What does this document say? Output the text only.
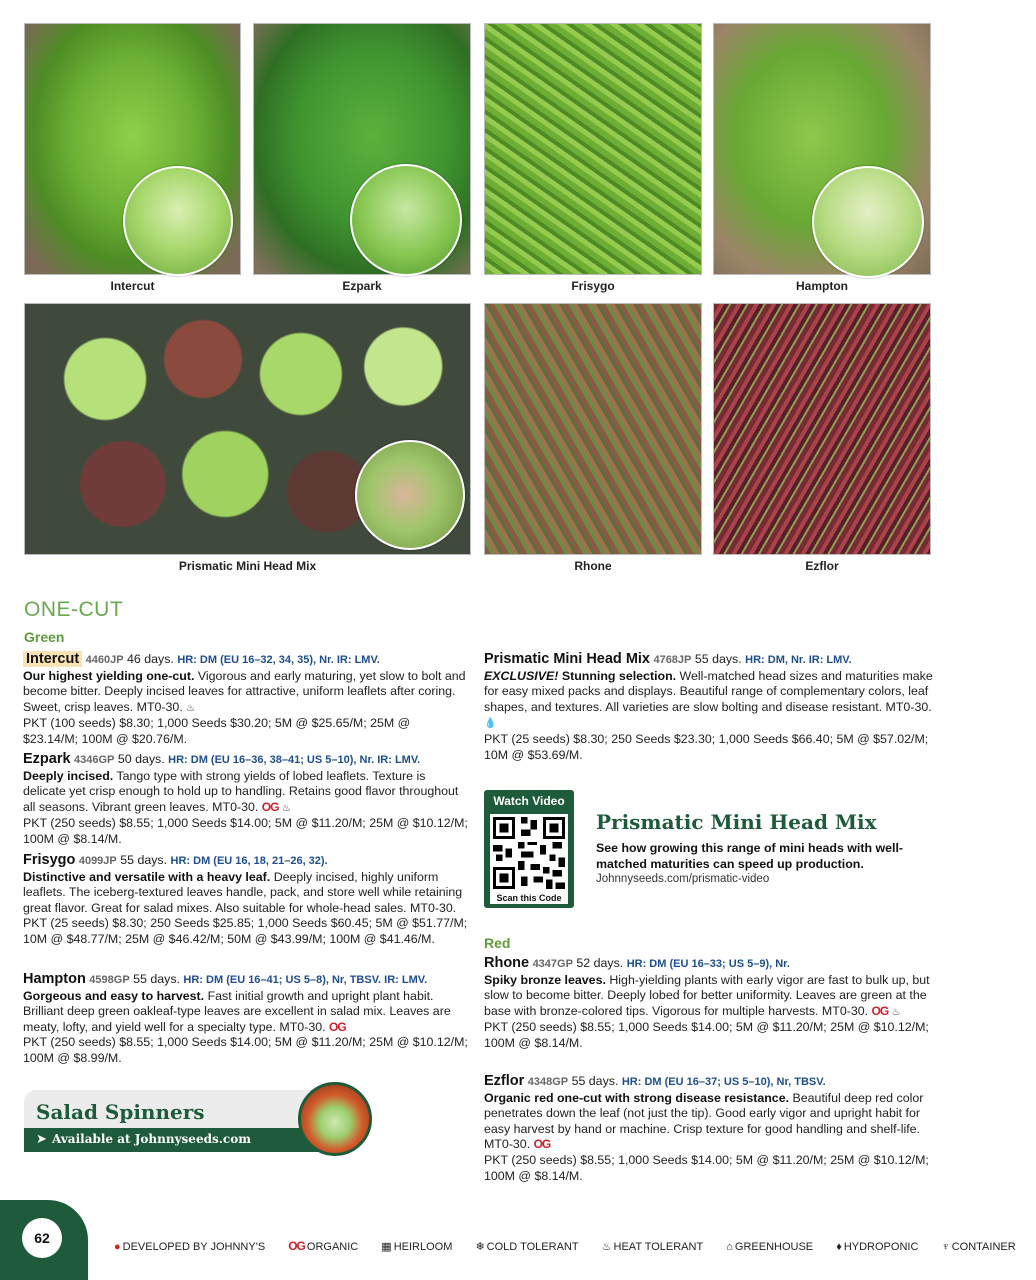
Intercut	Ezpark	Frisygo	Hampton
Prismatic Mini Head Mix	Rhone	Ezflor
ONE-CUT
Green
Red
Intercut 4460JP 46 days. HR: DM (EU 16–32, 34, 35), Nr. IR: LMV.
Our highest yielding one-cut. Vigorous and early maturing, yet slow to bolt and become bitter. Deeply incised leaves for attractive, uniform leaflets after coring. Sweet, crisp leaves. MT0-30. ♨
PKT (100 seeds) $8.30; 1,000 Seeds $30.20; 5M @ $25.65/M; 25M @ $23.14/M; 100M @ $20.76/M.
Ezpark 4346GP 50 days. HR: DM (EU 16–36, 38–41; US 5–10), Nr. IR: LMV.
Deeply incised. Tango type with strong yields of lobed leaflets. Texture is delicate yet crisp enough to hold up to handling. Retains good flavor throughout all seasons. Vibrant green leaves. MT0-30. OG ♨
PKT (250 seeds) $8.55; 1,000 Seeds $14.00; 5M @ $11.20/M; 25M @ $10.12/M; 100M @ $8.14/M.
Frisygo 4099JP 55 days. HR: DM (EU 16, 18, 21–26, 32).
Distinctive and versatile with a heavy leaf. Deeply incised, highly uniform leaflets. The iceberg-textured leaves handle, pack, and store well while retaining great flavor. Great for salad mixes. Also suitable for whole-head sales. MT0-30.
PKT (25 seeds) $8.30; 250 Seeds $25.85; 1,000 Seeds $60.45; 5M @ $51.77/M; 10M @ $48.77/M; 25M @ $46.42/M; 50M @ $43.99/M; 100M @ $41.46/M.
Hampton 4598GP 55 days. HR: DM (EU 16–41; US 5–8), Nr, TBSV. IR: LMV.
Gorgeous and easy to harvest. Fast initial growth and upright plant habit. Brilliant deep green oakleaf-type leaves are excellent in salad mix. Leaves are meaty, lofty, and yield well for a specialty type. MT0-30. OG
PKT (250 seeds) $8.55; 1,000 Seeds $14.00; 5M @ $11.20/M; 25M @ $10.12/M; 100M @ $8.99/M.
Prismatic Mini Head Mix 4768JP 55 days. HR: DM, Nr. IR: LMV.
EXCLUSIVE! Stunning selection. Well-matched head sizes and maturities make for easy mixed packs and displays. Beautiful range of complementary colors, leaf shapes, and textures. All varieties are slow bolting and disease resistant. MT0-30. 💧
PKT (25 seeds) $8.30; 250 Seeds $23.30; 1,000 Seeds $66.40; 5M @ $57.02/M; 10M @ $53.69/M.
Watch Video
Scan this Code
Prismatic Mini Head Mix
See how growing this range of mini heads with well-matched maturities can speed up production.
Johnnyseeds.com/prismatic-video
Rhone 4347GP 52 days. HR: DM (EU 16–33; US 5–9), Nr.
Spiky bronze leaves. High-yielding plants with early vigor are fast to bulk up, but slow to become bitter. Deeply lobed for better uniformity. Leaves are green at the base with bronze-colored tips. Vigorous for multiple harvests. MT0-30. OG ♨
PKT (250 seeds) $8.55; 1,000 Seeds $14.00; 5M @ $11.20/M; 25M @ $10.12/M; 100M @ $8.14/M.
Ezflor 4348GP 55 days. HR: DM (EU 16–37; US 5–10), Nr, TBSV.
Organic red one-cut with strong disease resistance. Beautiful deep red color penetrates down the leaf (not just the tip). Good early vigor and upright habit for easy harvest by hand or machine. Crisp texture for good handling and shelf-life. MT0-30. OG
PKT (250 seeds) $8.55; 1,000 Seeds $14.00; 5M @ $11.20/M; 25M @ $10.12/M; 100M @ $8.14/M.
Salad Spinners
➤ Available at Johnnyseeds.com
62
● DEVELOPED BY JOHNNY'S OG ORGANIC ▦ HEIRLOOM ❄ COLD TOLERANT ♨ HEAT TOLERANT ⌂ GREENHOUSE ♦ HYDROPONIC ♆ CONTAINER
